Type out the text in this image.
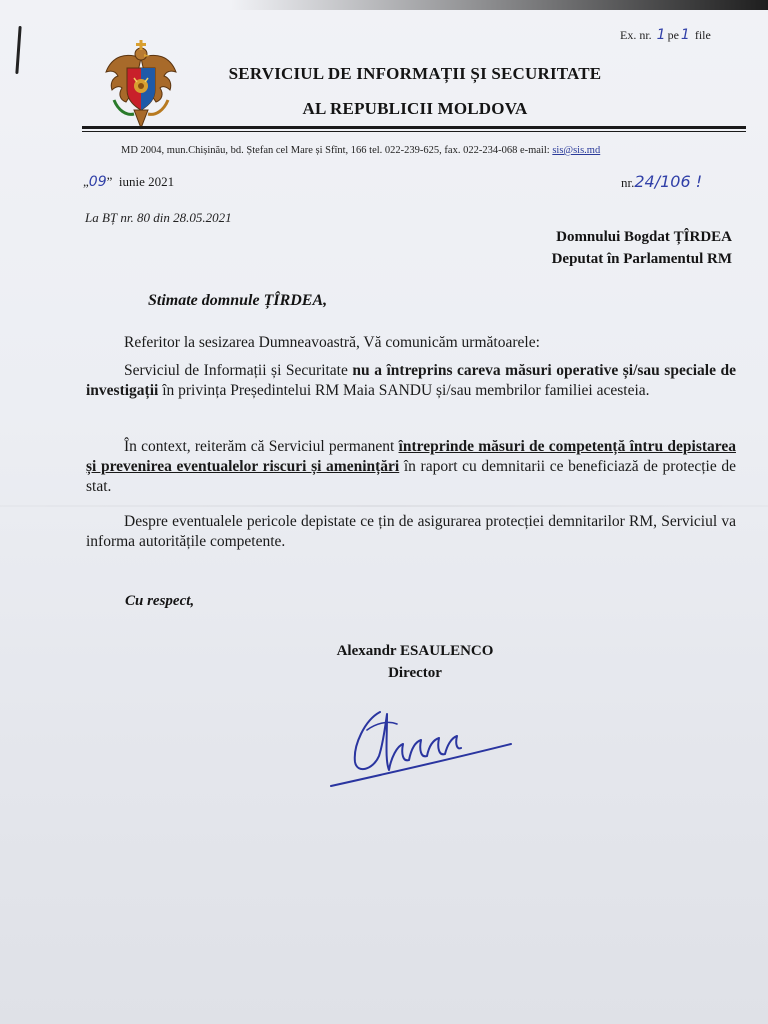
Ex. nr. 1 pe 1 file
SERVICIUL DE INFORMAȚII ȘI SECURITATE
AL REPUBLICII MOLDOVA
MD 2004, mun.Chișinău, bd. Ștefan cel Mare și Sfînt, 166 tel. 022-239-625, fax. 022-234-068 e-mail: sis@sis.md
„09” iunie 2021	nr.24/106 !
La BȚ nr. 80 din 28.05.2021
Domnului Bogdat ȚÎRDEA
Deputat în Parlamentul RM
Stimate domnule ȚÎRDEA,
Referitor la sesizarea Dumneavoastră, Vă comunicăm următoarele:
Serviciul de Informații și Securitate nu a întreprins careva măsuri operative și/sau speciale de investigații în privința Președintelui RM Maia SANDU și/sau membrilor familiei acesteia.
În context, reiterăm că Serviciul permanent întreprinde măsuri de competență întru depistarea și prevenirea eventualelor riscuri și amenințări în raport cu demnitarii ce beneficiază de protecție de stat.
Despre eventualele pericole depistate ce țin de asigurarea protecției demnitarilor RM, Serviciul va informa autoritățile competente.
Cu respect,
Alexandr ESAULENCO
Director
